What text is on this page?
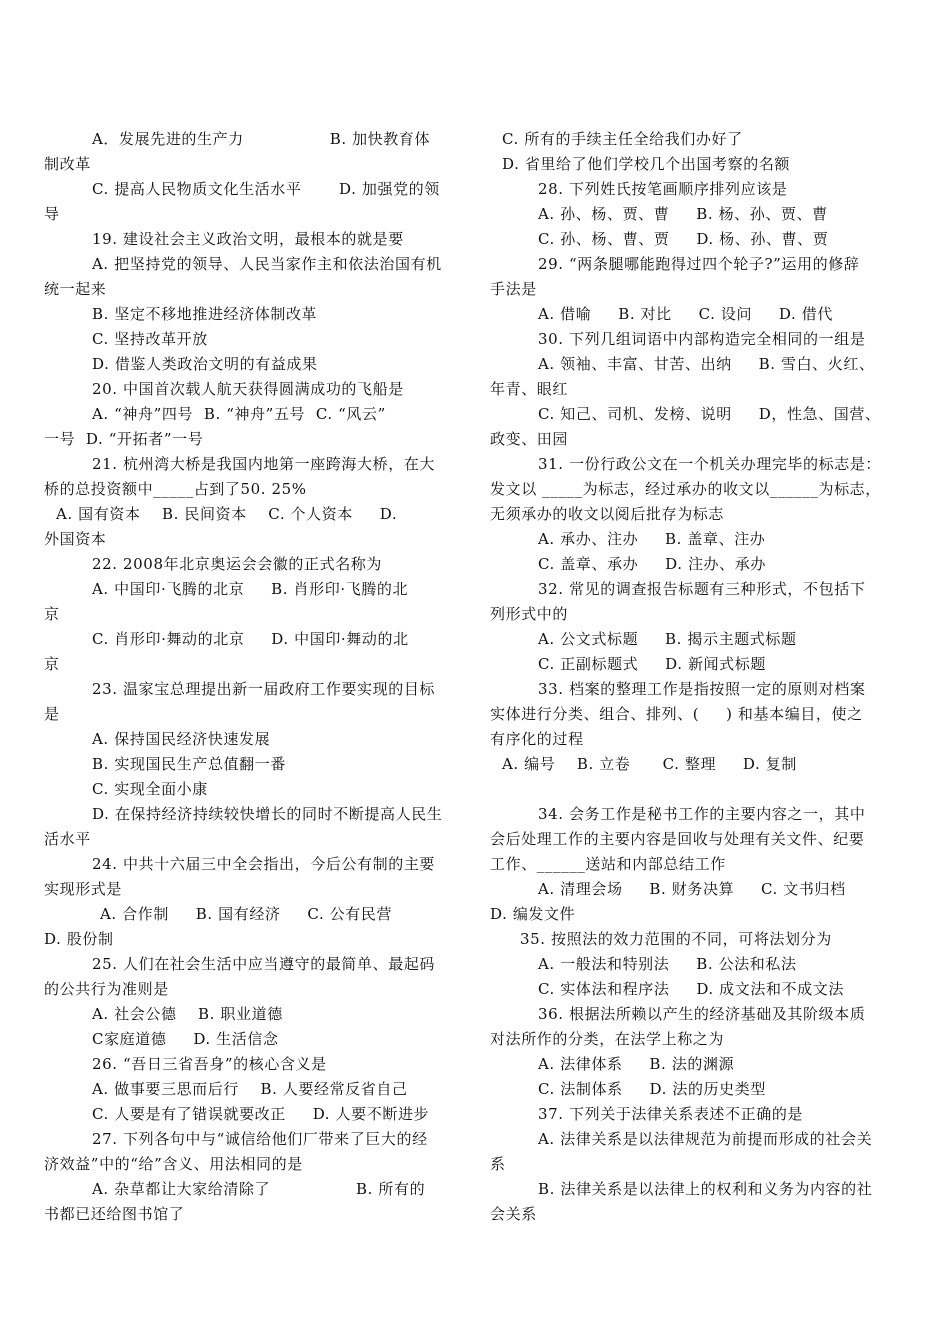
A．发展先进的生产力                B. 加快教育体
制改革
C. 提高人民物质文化生活水平       D. 加强党的领
导
19. 建设社会主义政治文明，最根本的就是要
A. 把坚持党的领导、人民当家作主和依法治国有机
统一起来
B. 坚定不移地推进经济体制改革
C. 坚持改革开放
D. 借鉴人类政治文明的有益成果
20. 中国首次载人航天获得圆满成功的飞船是
A. “神舟”四号  B. “神舟”五号  C. “风云”
一号  D. “开拓者”一号
21. 杭州湾大桥是我国内地第一座跨海大桥，在大
桥的总投资额中_____占到了50. 25%
A. 国有资本    B. 民间资本    C. 个人资本     D.
外国资本
22. 2008年北京奥运会会徽的正式名称为
A. 中国印·飞腾的北京     B. 肖形印·飞腾的北
京
C. 肖形印·舞动的北京     D. 中国印·舞动的北
京
23. 温家宝总理提出新一届政府工作要实现的目标
是
A. 保持国民经济快速发展
B. 实现国民生产总值翻一番
C. 实现全面小康
D. 在保持经济持续较快增长的同时不断提高人民生
活水平
24. 中共十六届三中全会指出，今后公有制的主要
实现形式是
A. 合作制     B. 国有经济     C. 公有民营
D. 股份制
25. 人们在社会生活中应当遵守的最简单、最起码
的公共行为准则是
A. 社会公德    B. 职业道德
C家庭道德     D. 生活信念
26. “吾日三省吾身”的核心含义是
A. 做事要三思而后行    B. 人要经常反省自己
C. 人要是有了错误就要改正     D. 人要不断进步
27. 下列各句中与“诚信给他们厂带来了巨大的经
济效益”中的“给”含义、用法相同的是
A. 杂草都让大家给清除了                B. 所有的
书都已还给图书馆了
C. 所有的手续主任全给我们办好了
D. 省里给了他们学校几个出国考察的名额
28. 下列姓氏按笔画顺序排列应该是
A. 孙、杨、贾、曹     B. 杨、孙、贾、曹
C. 孙、杨、曹、贾     D. 杨、孙、曹、贾
29. “两条腿哪能跑得过四个轮子?”运用的修辞
手法是
A. 借喻     B. 对比     C. 设问     D. 借代
30. 下列几组词语中内部构造完全相同的一组是
A. 领袖、丰富、甘苦、出纳     B. 雪白、火红、
年青、眼红
C. 知己、司机、发榜、说明     D，性急、国营、
政变、田园
31. 一份行政公文在一个机关办理完毕的标志是：
发文以 _____为标志，经过承办的收文以______为标志，
无须承办的收文以阅后批存为标志
A. 承办、注办     B. 盖章、注办
C. 盖章、承办     D. 注办、承办
32. 常见的调查报告标题有三种形式，不包括下
列形式中的
A. 公文式标题     B. 揭示主题式标题
C. 正副标题式     D. 新闻式标题
33. 档案的整理工作是指按照一定的原则对档案
实体进行分类、组合、排列、(     ) 和基本编目，使之
有序化的过程
A. 编号    B. 立卷      C. 整理     D. 复制
34. 会务工作是秘书工作的主要内容之一，其中
会后处理工作的主要内容是回收与处理有关文件、纪要
工作、______送站和内部总结工作
A. 清理会场     B. 财务决算     C. 文书归档
D. 编发文件
35. 按照法的效力范围的不同，可将法划分为
A. 一般法和特别法     B. 公法和私法
C. 实体法和程序法     D. 成文法和不成文法
36. 根据法所赖以产生的经济基础及其阶级本质
对法所作的分类，在法学上称之为
A. 法律体系     B. 法的渊源
C. 法制体系     D. 法的历史类型
37. 下列关于法律关系表述不正确的是
A. 法律关系是以法律规范为前提而形成的社会关
系
B. 法律关系是以法律上的权利和义务为内容的社
会关系
